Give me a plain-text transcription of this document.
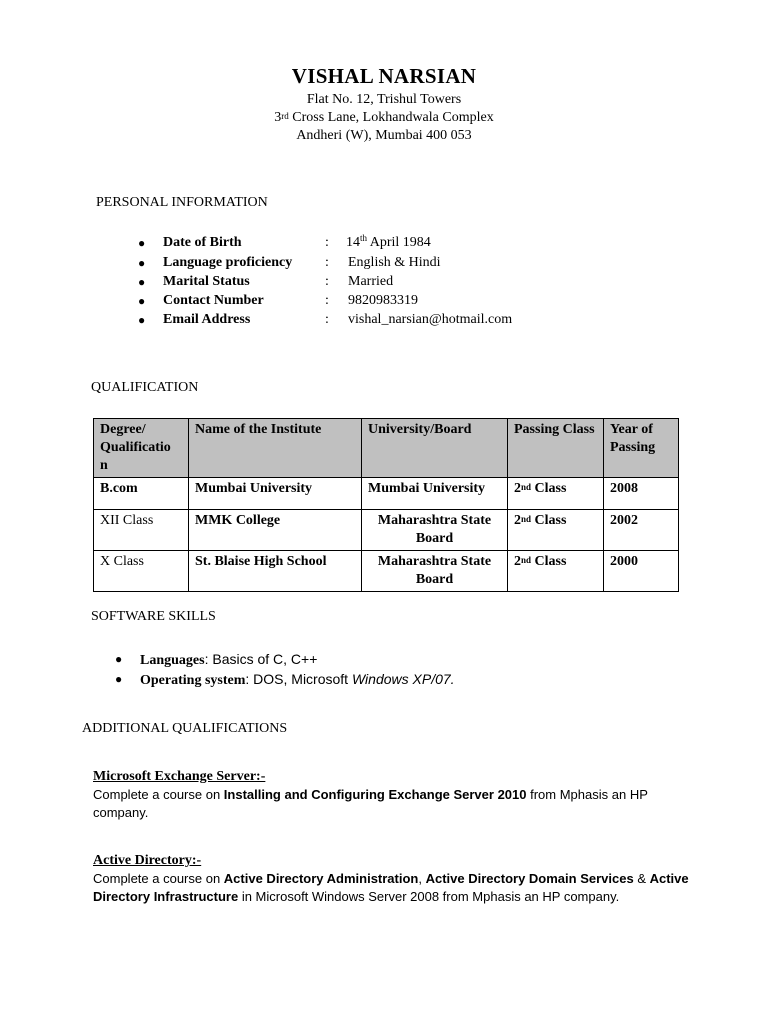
VISHAL NARSIAN
Flat No. 12, Trishul Towers
3rd Cross Lane, Lokhandwala Complex
Andheri (W), Mumbai 400 053
PERSONAL INFORMATION
● Date of Birth	: 14th April 1984
● Language proficiency : English & Hindi
● Marital Status	: Married
● Contact Number	: 9820983319
● Email Address	: vishal_narsian@hotmail.com
QUALIFICATION
Degree/ Qualificatio n	Name of the Institute	University/Board	Passing Class	Year of Passing
B.com	Mumbai University	Mumbai University	2nd Class	2008
XII Class	MMK College	Maharashtra State Board	2nd Class	2002
X Class	St. Blaise High School	Maharashtra State Board	2nd Class	2000
SOFTWARE SKILLS
● Languages: Basics of C, C++
● Operating system: DOS, Microsoft Windows XP/07.
ADDITIONAL QUALIFICATIONS
Microsoft Exchange Server:-
Complete a course on Installing and Configuring Exchange Server 2010 from Mphasis an HP company.
Active Directory:-
Complete a course on Active Directory Administration, Active Directory Domain Services & Active Directory Infrastructure in Microsoft Windows Server 2008 from Mphasis an HP company.
